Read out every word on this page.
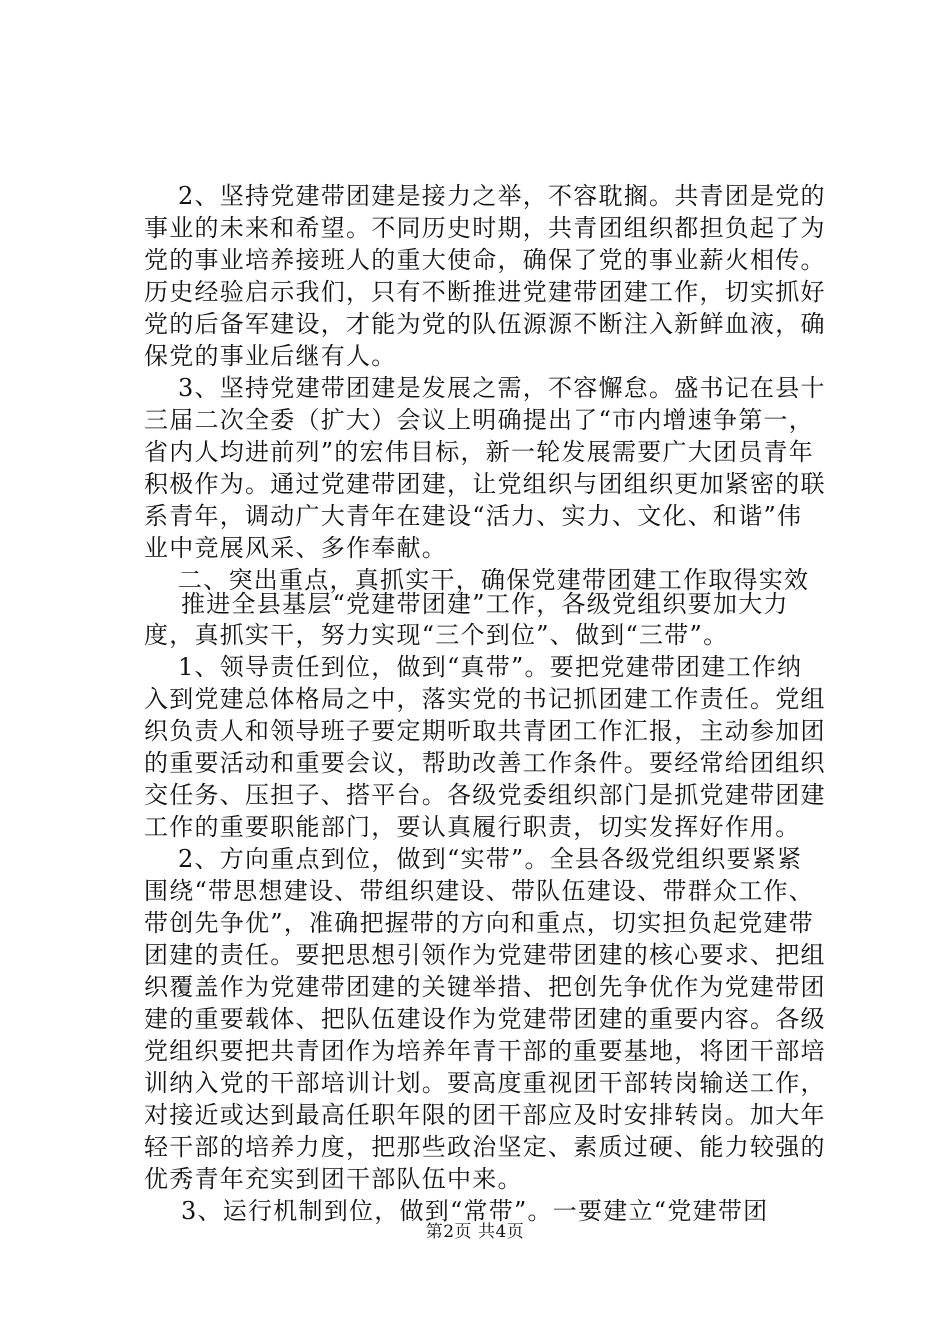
2、坚持党建带团建是接力之举，不容耽搁。共青团是党的
事业的未来和希望。不同历史时期，共青团组织都担负起了为
党的事业培养接班人的重大使命，确保了党的事业薪火相传。
历史经验启示我们，只有不断推进党建带团建工作，切实抓好
党的后备军建设，才能为党的队伍源源不断注入新鲜血液，确
保党的事业后继有人。
3、坚持党建带团建是发展之需，不容懈怠。盛书记在县十
三届二次全委（扩大）会议上明确提出了“市内增速争第一，
省内人均进前列”的宏伟目标，新一轮发展需要广大团员青年
积极作为。通过党建带团建，让党组织与团组织更加紧密的联
系青年，调动广大青年在建设“活力、实力、文化、和谐”伟
业中竞展风采、多作奉献。
二、突出重点，真抓实干，确保党建带团建工作取得实效
推进全县基层“党建带团建”工作，各级党组织要加大力
度，真抓实干，努力实现“三个到位”、做到“三带”。
1、领导责任到位，做到“真带”。要把党建带团建工作纳
入到党建总体格局之中，落实党的书记抓团建工作责任。党组
织负责人和领导班子要定期听取共青团工作汇报，主动参加团
的重要活动和重要会议，帮助改善工作条件。要经常给团组织
交任务、压担子、搭平台。各级党委组织部门是抓党建带团建
工作的重要职能部门，要认真履行职责，切实发挥好作用。
2、方向重点到位，做到“实带”。全县各级党组织要紧紧
围绕“带思想建设、带组织建设、带队伍建设、带群众工作、
带创先争优”，准确把握带的方向和重点，切实担负起党建带
团建的责任。要把思想引领作为党建带团建的核心要求、把组
织覆盖作为党建带团建的关键举措、把创先争优作为党建带团
建的重要载体、把队伍建设作为党建带团建的重要内容。各级
党组织要把共青团作为培养年青干部的重要基地，将团干部培
训纳入党的干部培训计划。要高度重视团干部转岗输送工作，
对接近或达到最高任职年限的团干部应及时安排转岗。加大年
轻干部的培养力度，把那些政治坚定、素质过硬、能力较强的
优秀青年充实到团干部队伍中来。
3、运行机制到位，做到“常带”。一要建立“党建带团
第2页 共4页
